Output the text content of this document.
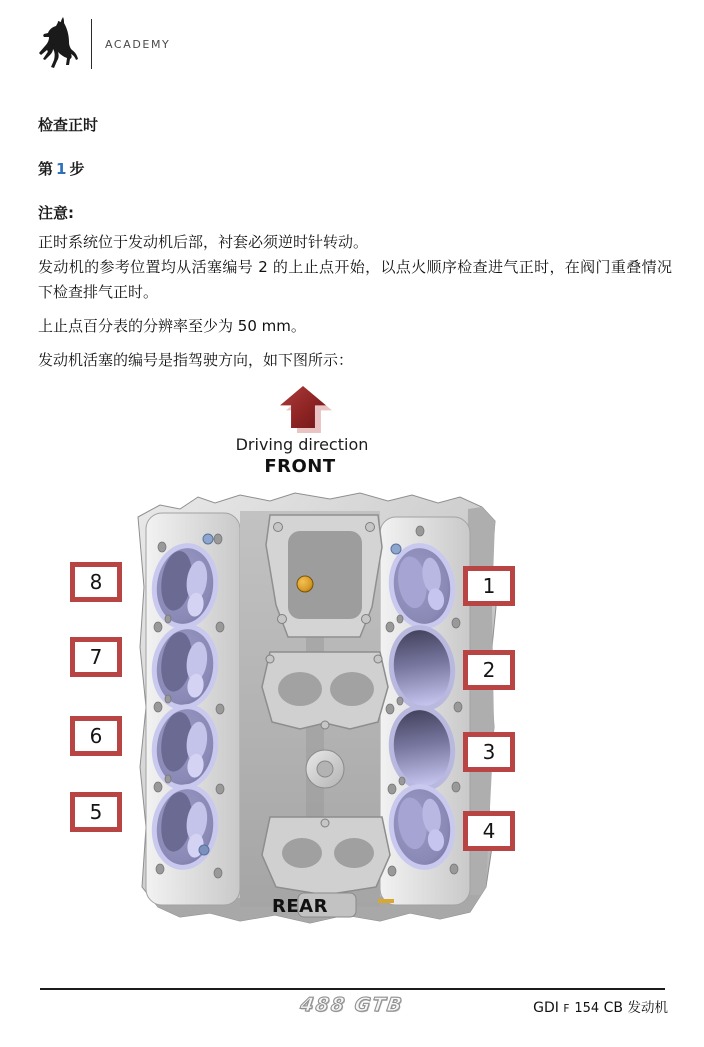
ACADEMY
检查正时
第 1 步
注意:
正时系统位于发动机后部，衬套必须逆时针转动。
发动机的参考位置均从活塞编号 2 的上止点开始，以点火顺序检查进气正时，在阀门重叠情况下检查排气正时。
上止点百分表的分辨率至少为 50 mm。
发动机活塞的编号是指驾驶方向，如下图所示：
Driving direction
FRONT
8
7
6
5
1
2
3
4
REAR
488 GTB	GDI F 154 CB 发动机
